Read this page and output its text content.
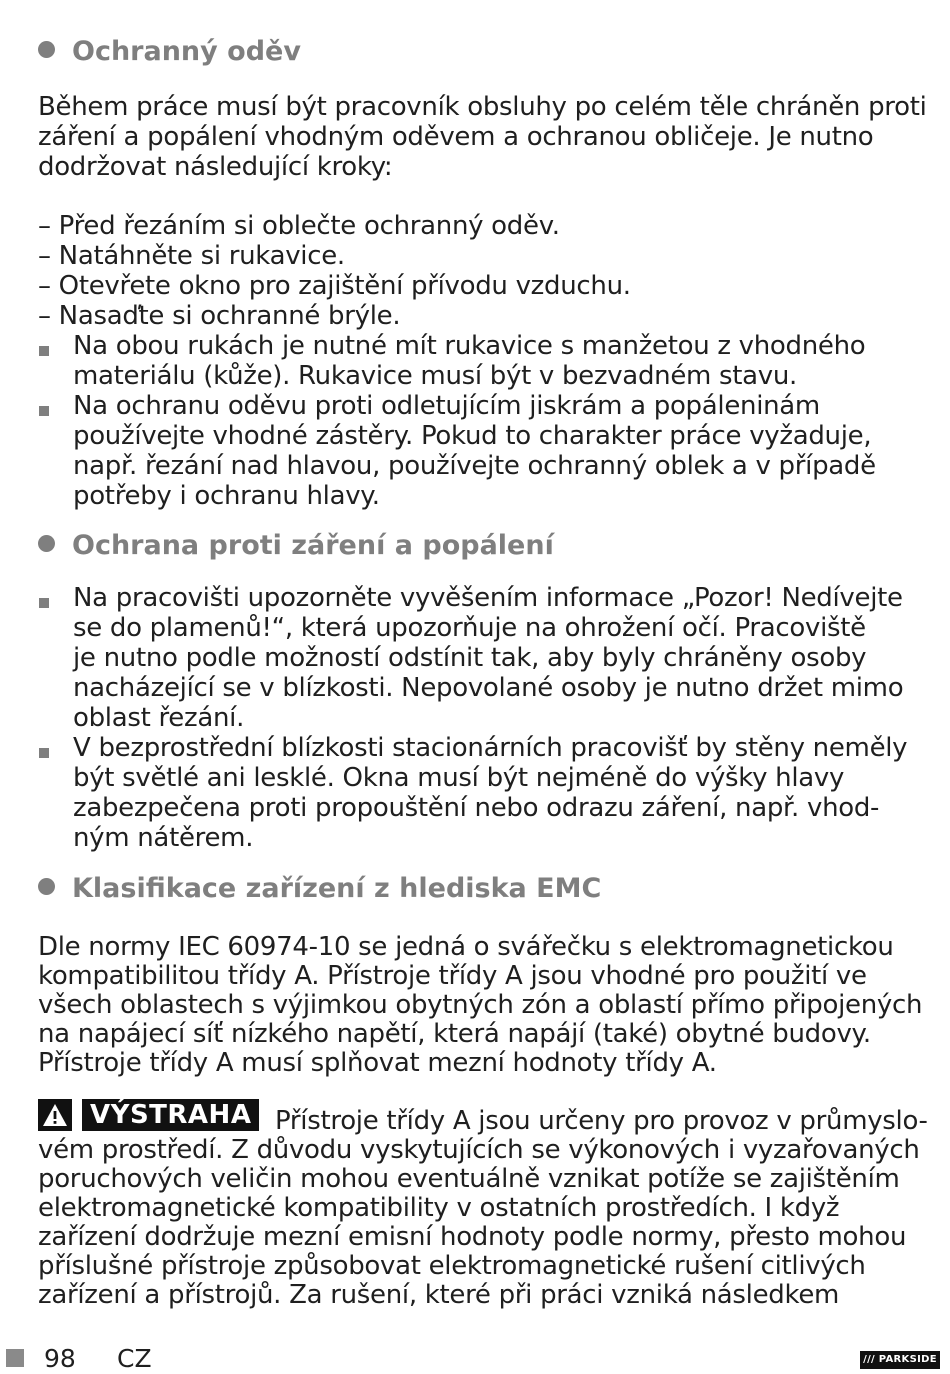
Ochranný oděv
Během práce musí být pracovník obsluhy po celém těle chráněn proti
záření a popálení vhodným oděvem a ochranou obličeje. Je nutno
dodržovat následující kroky:
– Před řezáním si oblečte ochranný oděv.
– Natáhněte si rukavice.
– Otevřete okno pro zajištění přívodu vzduchu.
– Nasaďte si ochranné brýle.
Na obou rukách je nutné mít rukavice s manžetou z vhodného
materiálu (kůže). Rukavice musí být v bezvadném stavu.
Na ochranu oděvu proti odletujícím jiskrám a popáleninám
používejte vhodné zástěry. Pokud to charakter práce vyžaduje,
např. řezání nad hlavou, používejte ochranný oblek a v případě
potřeby i ochranu hlavy.
Ochrana proti záření a popálení
Na pracovišti upozorněte vyvěšením informace „Pozor! Nedívejte
se do plamenů!“, která upozorňuje na ohrožení očí. Pracoviště
je nutno podle možností odstínit tak, aby byly chráněny osoby
nacházející se v blízkosti. Nepovolané osoby je nutno držet mimo
oblast řezání.
V bezprostřední blízkosti stacionárních pracovišť by stěny neměly
být světlé ani lesklé. Okna musí být nejméně do výšky hlavy
zabezpečena proti propouštění nebo odrazu záření, např. vhod-
ným nátěrem.
Klasifikace zařízení z hlediska EMC
Dle normy IEC 60974-10 se jedná o svářečku s elektromagnetickou
kompatibilitou třídy A. Přístroje třídy A jsou vhodné pro použití ve
všech oblastech s výjimkou obytných zón a oblastí přímo připojených
na napájecí síť nízkého napětí, která napájí (také) obytné budovy.
Přístroje třídy A musí splňovat mezní hodnoty třídy A.
VÝSTRAHA Přístroje třídy A jsou určeny pro provoz v průmyslo-
vém prostředí. Z důvodu vyskytujících se výkonových i vyzařovaných
poruchových veličin mohou eventuálně vznikat potíže se zajištěním
elektromagnetické kompatibility v ostatních prostředích. I když
zařízení dodržuje mezní emisní hodnoty podle normy, přesto mohou
příslušné přístroje způsobovat elektromagnetické rušení citlivých
zařízení a přístrojů. Za rušení, které při práci vzniká následkem
98 CZ	/// PARKSIDE
